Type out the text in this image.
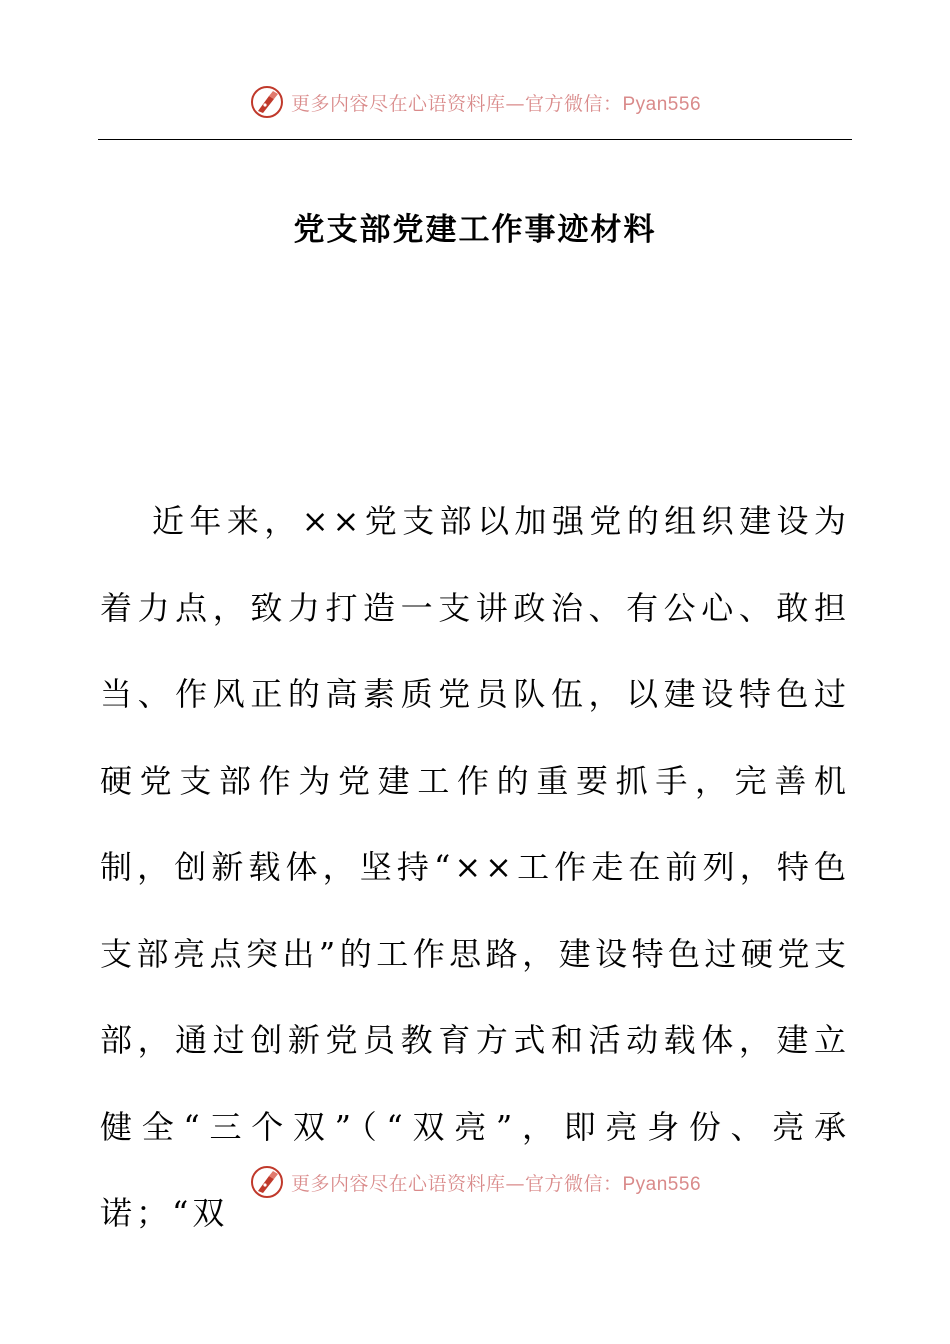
更多内容尽在心语资料库—官方微信：Pyan556
党支部党建工作事迹材料

近年来，××党支部以加强党的组织建设为着力点，致力打造一支讲政治、有公心、敢担当、作风正的高素质党员队伍，以建设特色过硬党支部作为党建工作的重要抓手，完善机制，创新载体，坚持“××工作走在前列，特色支部亮点突出”的工作思路，建设特色过硬党支部，通过创新党员教育方式和活动载体，建立健全“三个双”（“双亮”，即亮身份、亮承诺；“双

更多内容尽在心语资料库—官方微信：Pyan556
